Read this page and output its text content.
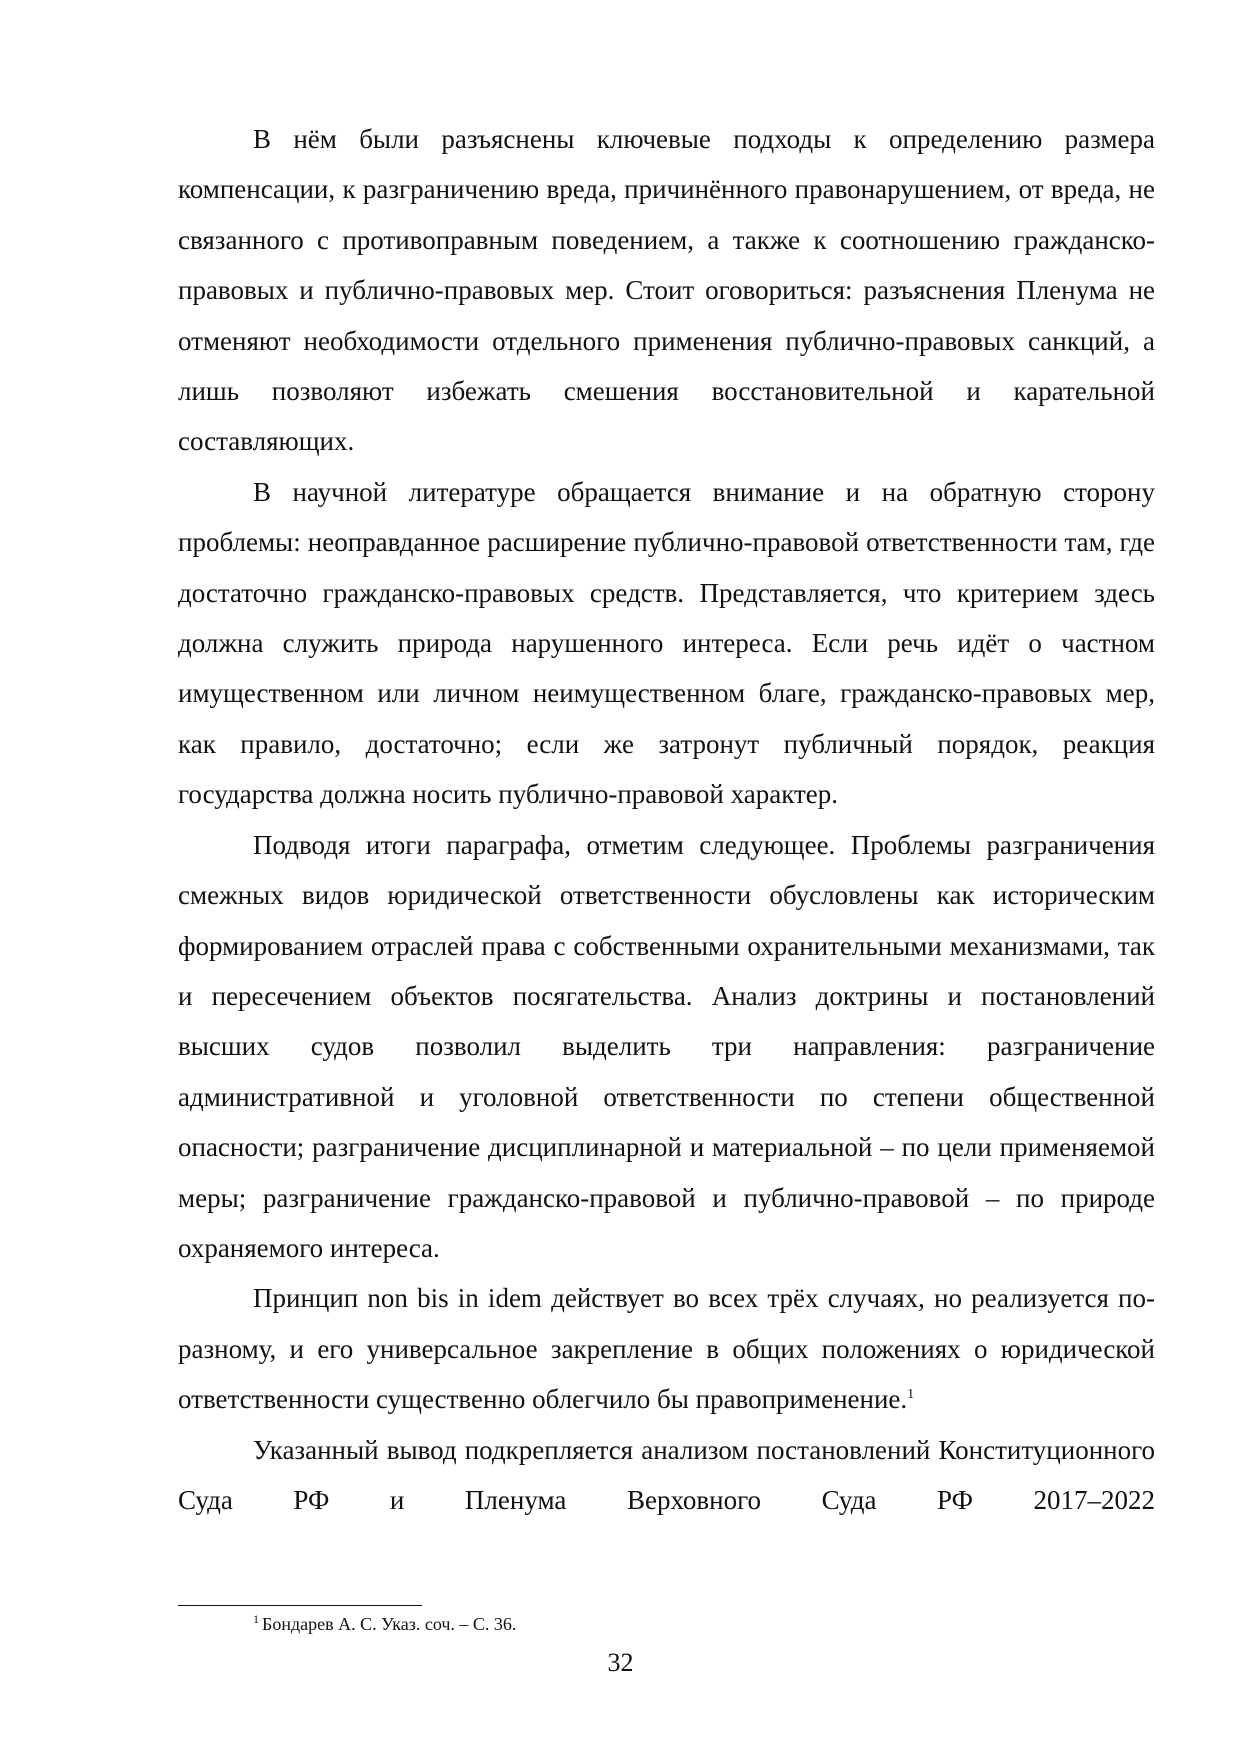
В нём были разъяснены ключевые подходы к определению размера компенсации, к разграничению вреда, причинённого правонарушением, от вреда, не связанного с противоправным поведением, а также к соотношению гражданско-правовых и публично-правовых мер. Стоит оговориться: разъяснения Пленума не отменяют необходимости отдельного применения публично-правовых санкций, а лишь позволяют избежать смешения восстановительной и карательной составляющих.

В научной литературе обращается внимание и на обратную сторону проблемы: неоправданное расширение публично-правовой ответственности там, где достаточно гражданско-правовых средств. Представляется, что критерием здесь должна служить природа нарушенного интереса. Если речь идёт о частном имущественном или личном неимущественном благе, гражданско-правовых мер, как правило, достаточно; если же затронут публичный порядок, реакция государства должна носить публично-правовой характер.

Подводя итоги параграфа, отметим следующее. Проблемы разграничения смежных видов юридической ответственности обусловлены как историческим формированием отраслей права с собственными охранительными механизмами, так и пересечением объектов посягательства. Анализ доктрины и постановлений высших судов позволил выделить три направления: разграничение административной и уголовной ответственности по степени общественной опасности; разграничение дисциплинарной и материальной – по цели применяемой меры; разграничение гражданско-правовой и публично-правовой – по природе охраняемого интереса.

Принцип non bis in idem действует во всех трёх случаях, но реализуется по-разному, и его универсальное закрепление в общих положениях о юридической ответственности существенно облегчило бы правоприменение.$^1$

Указанный вывод подкрепляется анализом постановлений Конституционного Суда РФ и Пленума Верховного Суда РФ 2017–2022

$^1$ Бондарев А. С. Указ. соч. – С. 36.
32
